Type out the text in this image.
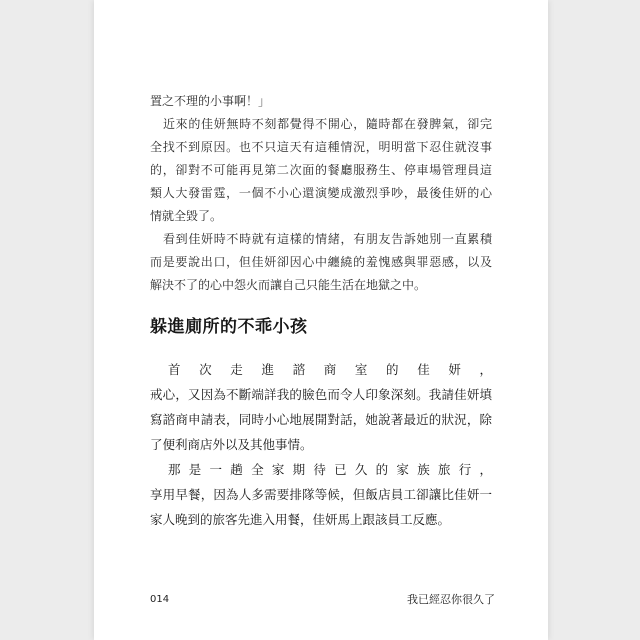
置之不理的小事啊！」
近來的佳妍無時不刻都覺得不開心，隨時都在發脾氣，卻完
全找不到原因。也不只這天有這種情況，明明當下忍住就沒事
的，卻對不可能再見第二次面的餐廳服務生、停車場管理員這
類人大發雷霆，一個不小心還演變成激烈爭吵，最後佳妍的心
情就全毀了。
看到佳妍時不時就有這樣的情緒，有朋友告訴她別一直累積
而是要說出口，但佳妍卻因心中纏繞的羞愧感與罪惡感，以及
解決不了的心中怨火而讓自己只能生活在地獄之中。
躲進廁所的不乖小孩
首次走進諮商室的佳妍，
戒心，又因為不斷端詳我的臉色而令人印象深刻。我請佳妍填
寫諮商申請表，同時小心地展開對話，她說著最近的狀況，除
了便利商店外以及其他事情。
那是一趟全家期待已久的家族旅行，
享用早餐，因為人多需要排隊等候，但飯店員工卻讓比佳妍一
家人晚到的旅客先進入用餐，佳妍馬上跟該員工反應。
014	我已經忍你很久了
